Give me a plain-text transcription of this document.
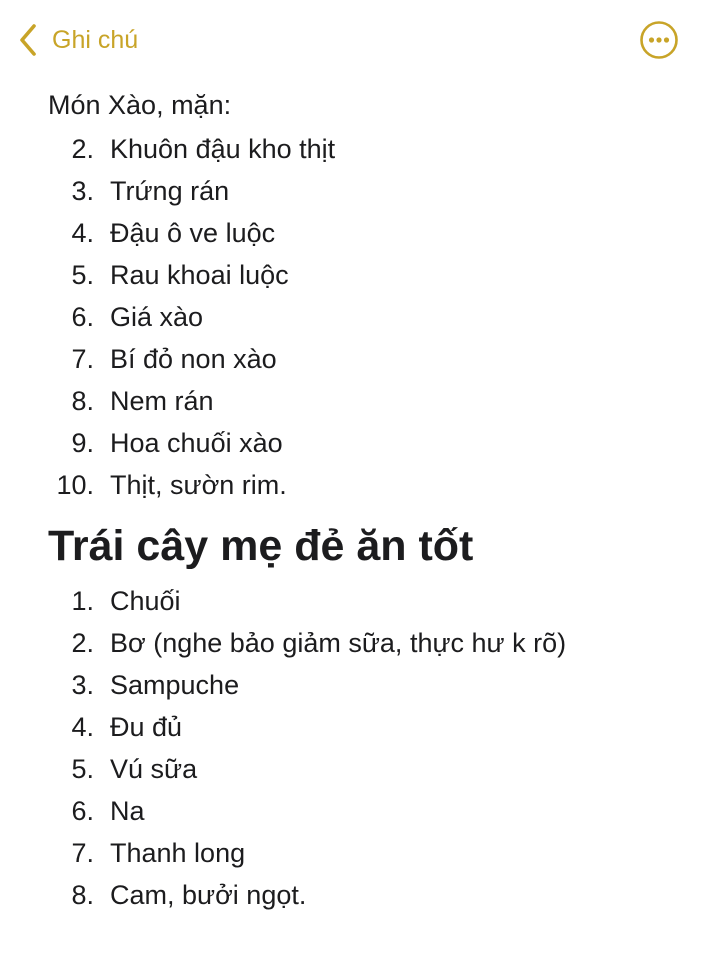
Ghi chú
Món Xào, mặn:
2. Khuôn đậu kho thịt
3. Trứng rán
4. Đậu ô ve luộc
5. Rau khoai luộc
6. Giá xào
7. Bí đỏ non xào
8. Nem rán
9. Hoa chuối xào
10. Thịt, sườn rim.
Trái cây mẹ đẻ ăn tốt
1. Chuối
2. Bơ (nghe bảo giảm sữa, thực hư k rõ)
3. Sampuche
4. Đu đủ
5. Vú sữa
6. Na
7. Thanh long
8. Cam, bưởi ngọt.
